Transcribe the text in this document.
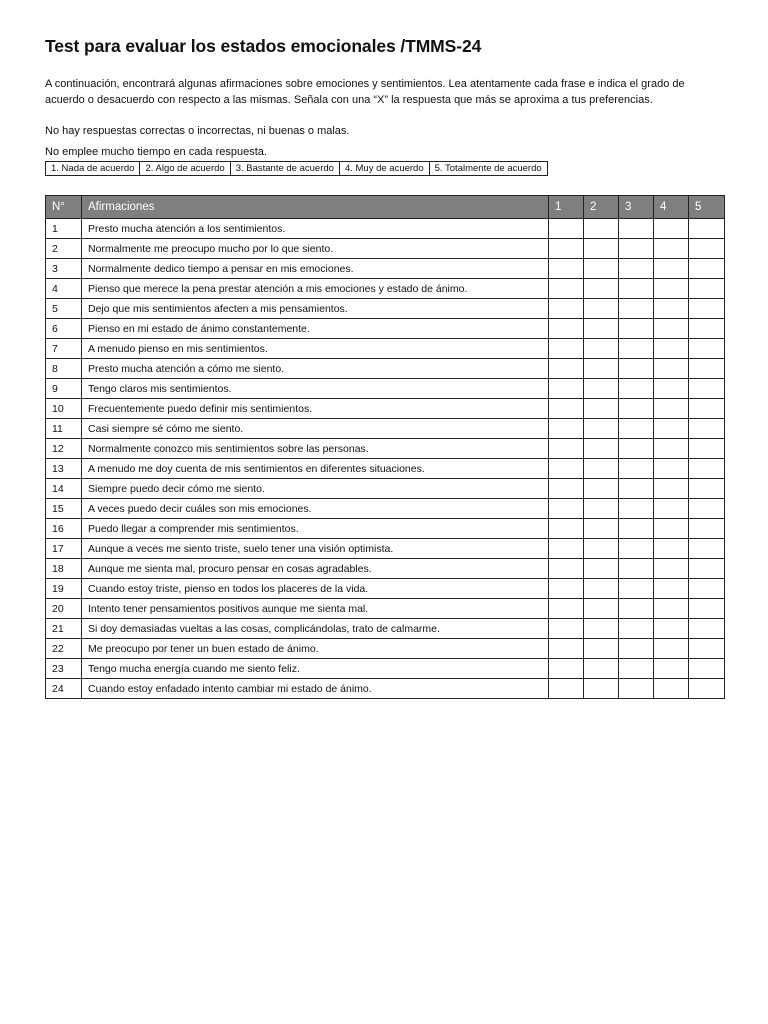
Test para evaluar los estados emocionales /TMMS-24

A continuación, encontrará algunas afirmaciones sobre emociones y sentimientos. Lea atentamente cada frase e indica el grado de acuerdo o desacuerdo con respecto a las mismas. Señala con una “X” la respuesta que más se aproxima a tus preferencias.

No hay respuestas correctas o incorrectas, ni buenas o malas.

No emplee mucho tiempo en cada respuesta.

1. Nada de acuerdo	2. Algo de acuerdo	3. Bastante de acuerdo	4. Muy de acuerdo	5. Totalmente de acuerdo
N°	Afirmaciones	1	2	3	4	5
1	Presto mucha atención a los sentimientos.					
2	Normalmente me preocupo mucho por lo que siento.					
3	Normalmente dedico tiempo a pensar en mis emociones.					
4	Pienso que merece la pena prestar atención a mis emociones y estado de ánimo.					
5	Dejo que mis sentimientos afecten a mis pensamientos.					
6	Pienso en mi estado de ánimo constantemente.					
7	A menudo pienso en mis sentimientos.					
8	Presto mucha atención a cómo me siento.					
9	Tengo claros mis sentimientos.					
10	Frecuentemente puedo definir mis sentimientos.					
11	Casi siempre sé cómo me siento.					
12	Normalmente conozco mis sentimientos sobre las personas.					
13	A menudo me doy cuenta de mis sentimientos en diferentes situaciones.					
14	Siempre puedo decir cómo me siento.					
15	A veces puedo decir cuáles son mis emociones.					
16	Puedo llegar a comprender mis sentimientos.					
17	Aunque a veces me siento triste, suelo tener una visión optimista.					
18	Aunque me sienta mal, procuro pensar en cosas agradables.					
19	Cuando estoy triste, pienso en todos los placeres de la vida.					
20	Intento tener pensamientos positivos aunque me sienta mal.					
21	Si doy demasiadas vueltas a las cosas, complicándolas, trato de calmarme.					
22	Me preocupo por tener un buen estado de ánimo.					
23	Tengo mucha energía cuando me siento feliz.					
24	Cuando estoy enfadado intento cambiar mi estado de ánimo.					
